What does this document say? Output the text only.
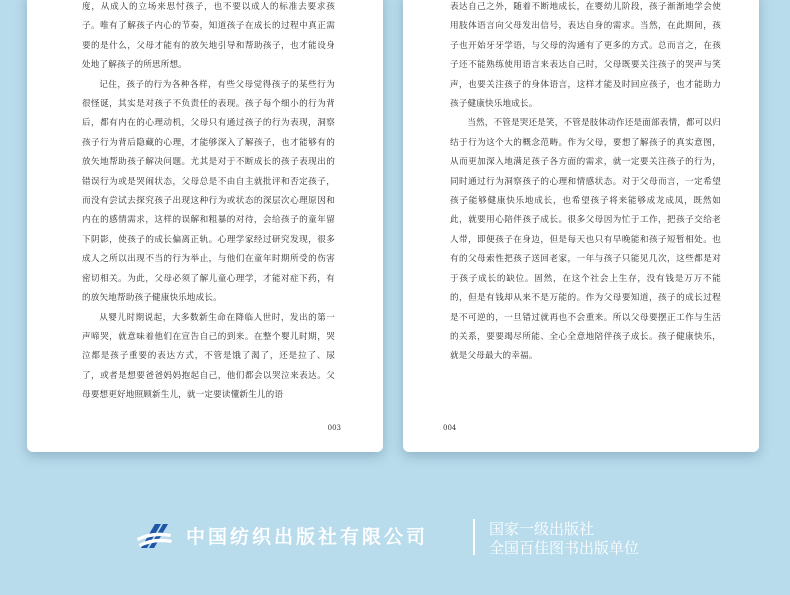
度，从成人的立场来思忖孩子，也不要以成人的标准去要求孩子。唯有了解孩子内心的节奏，知道孩子在成长的过程中真正需要的是什么，父母才能有的放矢地引导和帮助孩子，也才能设身处地了解孩子的所思所想。

记住，孩子的行为各种各样，有些父母觉得孩子的某些行为很怪诞，其实是对孩子不负责任的表现。孩子每个细小的行为背后，都有内在的心理动机，父母只有通过孩子的行为表现，洞察孩子行为背后隐藏的心理，才能够深入了解孩子，也才能够有的放矢地帮助孩子解决问题。尤其是对于不断成长的孩子表现出的错误行为或是哭闹状态，父母总是不由自主就批评和否定孩子，而没有尝试去探究孩子出现这种行为或状态的深层次心理原因和内在的感情需求，这样的误解和粗暴的对待，会给孩子的童年留下阴影，使孩子的成长偏离正轨。心理学家经过研究发现，很多成人之所以出现不当的行为举止，与他们在童年时期所受的伤害密切相关。为此，父母必须了解儿童心理学，才能对症下药，有的放矢地帮助孩子健康快乐地成长。

从婴儿时期说起，大多数新生命在降临人世时，发出的第一声啼哭，就意味着他们在宣告自己的到来。在整个婴儿时期，哭泣都是孩子重要的表达方式，不管是饿了渴了，还是拉了、尿了，或者是想要爸爸妈妈抱起自己，他们都会以哭泣来表达。父母要想更好地照顾新生儿，就一定要读懂新生儿的语

003

表达自己之外，随着不断地成长，在婴幼儿阶段，孩子渐渐地学会使用肢体语言向父母发出信号，表达自身的需求。当然，在此期间，孩子也开始牙牙学语，与父母的沟通有了更多的方式。总而言之，在孩子还不能熟练使用语言来表达自己时，父母既要关注孩子的哭声与笑声，也要关注孩子的身体语言，这样才能及时回应孩子，也才能助力孩子健康快乐地成长。

当然，不管是哭还是笑，不管是肢体动作还是面部表情，都可以归结于行为这个大的概念范畴。作为父母，要想了解孩子的真实意图，从而更加深入地满足孩子各方面的需求，就一定要关注孩子的行为，同时通过行为洞察孩子的心理和情感状态。对于父母而言，一定希望孩子能够健康快乐地成长，也希望孩子将来能够成龙成凤，既然如此，就要用心陪伴孩子成长。很多父母因为忙于工作，把孩子交给老人带，即便孩子在身边，但是每天也只有早晚能和孩子短暂相处。也有的父母索性把孩子送回老家，一年与孩子只能见几次，这些都是对于孩子成长的缺位。固然，在这个社会上生存，没有钱是万万不能的，但是有钱却从来不是万能的。作为父母要知道，孩子的成长过程是不可逆的，一旦错过就再也不会重来。所以父母要摆正工作与生活的关系，要要竭尽所能、全心全意地陪伴孩子成长。孩子健康快乐，就是父母最大的幸福。

004
中国纺织出版社有限公司	国家一级出版社
全国百佳图书出版单位
